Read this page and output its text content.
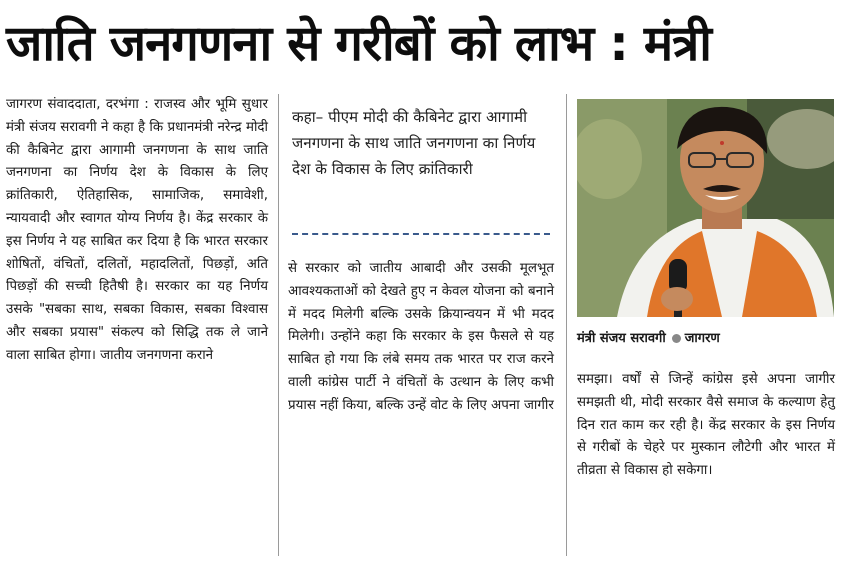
जाति जनगणना से गरीबों को लाभ : मंत्री

जागरण संवाददाता, दरभंगा : राजस्व और भूमि सुधार मंत्री संजय सरावगी ने कहा है कि प्रधानमंत्री नरेन्द्र मोदी की कैबिनेट द्वारा आगामी जनगणना के साथ जाति जनगणना का निर्णय देश के विकास के लिए क्रांतिकारी, ऐतिहासिक, सामाजिक, समावेशी, न्यायवादी और स्वागत योग्य निर्णय है। केंद्र सरकार के इस निर्णय ने यह साबित कर दिया है कि भारत सरकार शोषितों, वंचितों, दलितों, महादलितों, पिछड़ों, अति पिछड़ों की सच्ची हितैषी है। सरकार का यह निर्णय उसके "सबका साथ, सबका विकास, सबका विश्वास और सबका प्रयास" संकल्प को सिद्धि तक ले जाने वाला साबित होगा। जातीय जनगणना कराने

कहा– पीएम मोदी की कैबिनेट द्वारा आगामी जनगणना के साथ जाति जनगणना का निर्णय देश के विकास के लिए क्रांतिकारी

से सरकार को जातीय आबादी और उसकी मूलभूत आवश्यकताओं को देखते हुए न केवल योजना को बनाने में मदद मिलेगी बल्कि उसके क्रियान्वयन में भी मदद मिलेगी। उन्होंने कहा कि सरकार के इस फैसले से यह साबित हो गया कि लंबे समय तक भारत पर राज करने वाली कांग्रेस पार्टी ने वंचितों के उत्थान के लिए कभी प्रयास नहीं किया, बल्कि उन्हें वोट के लिए अपना जागीर

मंत्री संजय सरावगी जागरण

समझा। वर्षों से जिन्हें कांग्रेस इसे अपना जागीर समझती थी, मोदी सरकार वैसे समाज के कल्याण हेतु दिन रात काम कर रही है। केंद्र सरकार के इस निर्णय से गरीबों के चेहरे पर मुस्कान लौटेगी और भारत में तीव्रता से विकास हो सकेगा।
